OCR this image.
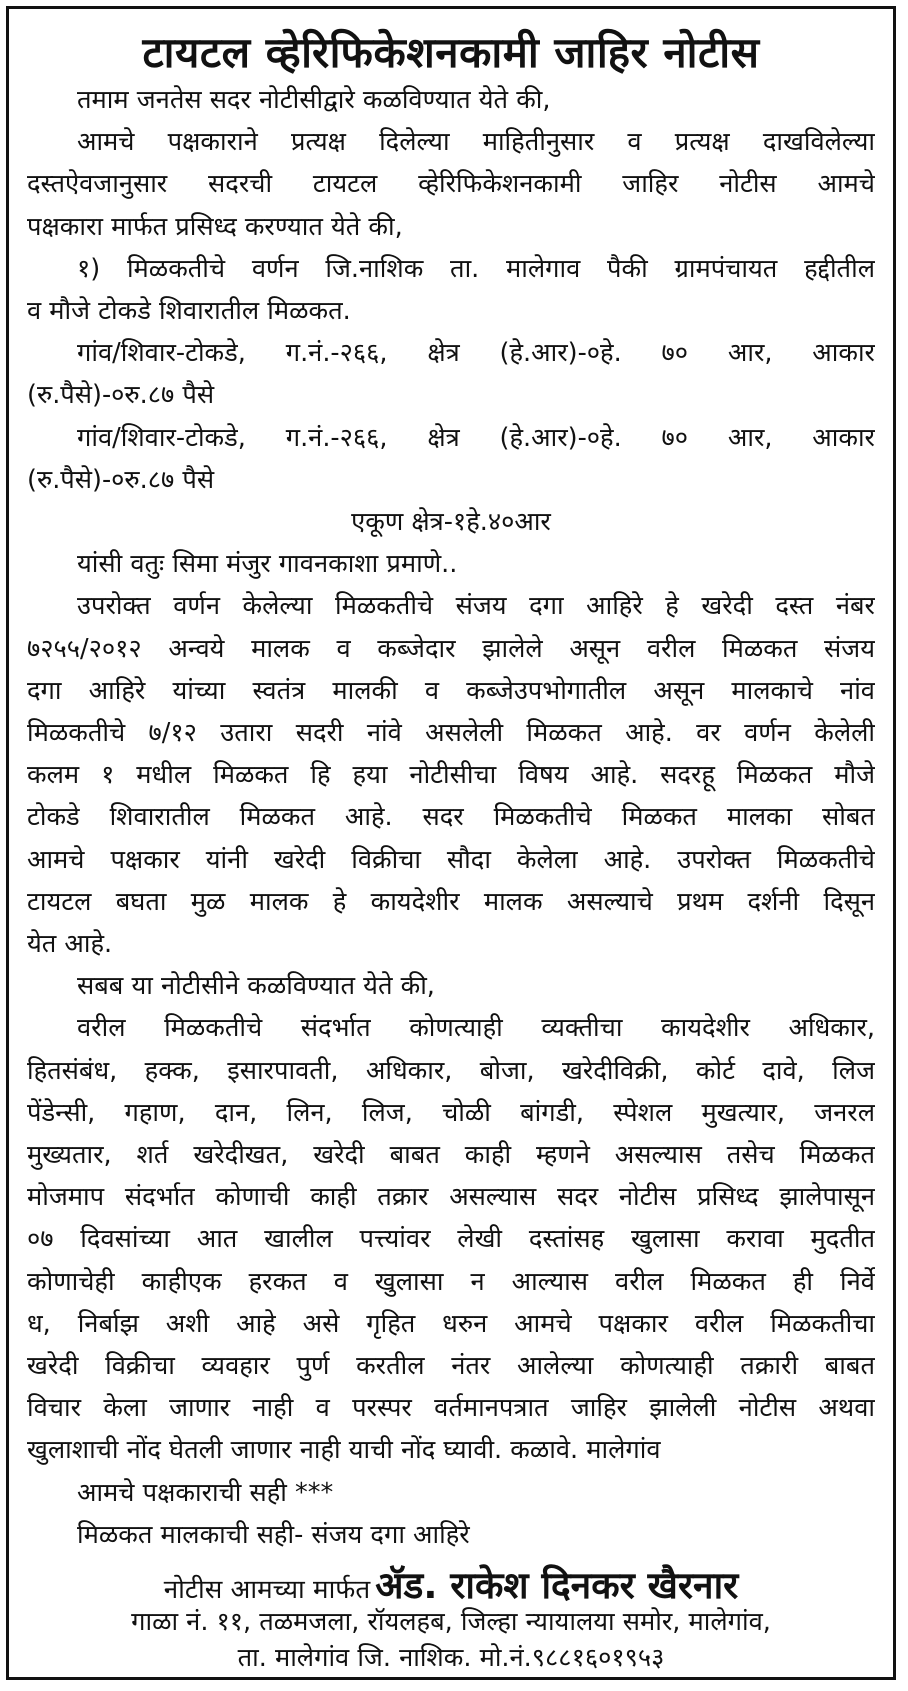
टायटल व्हेरिफिकेशनकामी जाहिर नोटीस
तमाम जनतेस सदर नोटीसीद्वारे कळविण्यात येते की,
आमचे पक्षकाराने प्रत्यक्ष दिलेल्या माहितीनुसार व प्रत्यक्ष दाखविलेल्या
दस्तऐवजानुसार सदरची टायटल व्हेरिफिकेशनकामी जाहिर नोटीस आमचे
पक्षकारा मार्फत प्रसिध्द करण्यात येते की,
१) मिळकतीचे वर्णन जि.नाशिक ता. मालेगाव पैकी ग्रामपंचायत हद्दीतील
व मौजे टोकडे शिवारातील मिळकत.
गांव/शिवार-टोकडे, ग.नं.-२६६, क्षेत्र (हे.आर)-०हे. ७० आर, आकार
(रु.पैसे)-०रु.८७ पैसे
गांव/शिवार-टोकडे, ग.नं.-२६६, क्षेत्र (हे.आर)-०हे. ७० आर, आकार
(रु.पैसे)-०रु.८७ पैसे
एकूण क्षेत्र-१हे.४०आर
यांसी वतुः सिमा मंजुर गावनकाशा प्रमाणे..
उपरोक्त वर्णन केलेल्या मिळकतीचे संजय दगा आहिरे हे खरेदी दस्त नंबर
७२५५/२०१२ अन्वये मालक व कब्जेदार झालेले असून वरील मिळकत संजय
दगा आहिरे यांच्या स्वतंत्र मालकी व कब्जेउपभोगातील असून मालकाचे नांव
मिळकतीचे ७/१२ उतारा सदरी नांवे असलेली मिळकत आहे. वर वर्णन केलेली
कलम १ मधील मिळकत हि हया नोटीसीचा विषय आहे. सदरहू मिळकत मौजे
टोकडे शिवारातील मिळकत आहे. सदर मिळकतीचे मिळकत मालका सोबत
आमचे पक्षकार यांनी खरेदी विक्रीचा सौदा केलेला आहे. उपरोक्त मिळकतीचे
टायटल बघता मुळ मालक हे कायदेशीर मालक असल्याचे प्रथम दर्शनी दिसून
येत आहे.
सबब या नोटीसीने कळविण्यात येते की,
वरील मिळकतीचे संदर्भात कोणत्याही व्यक्तीचा कायदेशीर अधिकार,
हितसंबंध, हक्क, इसारपावती, अधिकार, बोजा, खरेदीविक्री, कोर्ट दावे, लिज
पेंडेन्सी, गहाण, दान, लिन, लिज, चोळी बांगडी, स्पेशल मुखत्यार, जनरल
मुख्यतार, शर्त खरेदीखत, खरेदी बाबत काही म्हणने असल्यास तसेच मिळकत
मोजमाप संदर्भात कोणाची काही तक्रार असल्यास सदर नोटीस प्रसिध्द झालेपासून
०७ दिवसांच्या आत खालील पत्त्यांवर लेखी दस्तांसह खुलासा करावा मुदतीत
कोणाचेही काहीएक हरकत व खुलासा न आल्यास वरील मिळकत ही निर्वे
ध, निर्बाझ अशी आहे असे गृहित धरुन आमचे पक्षकार वरील मिळकतीचा
खरेदी विक्रीचा व्यवहार पुर्ण करतील नंतर आलेल्या कोणत्याही तक्रारी बाबत
विचार केला जाणार नाही व परस्पर वर्तमानपत्रात जाहिर झालेली नोटीस अथवा
खुलाशाची नोंद घेतली जाणार नाही याची नोंद घ्यावी. कळावे. मालेगांव
आमचे पक्षकाराची सही ***
मिळकत मालकाची सही- संजय दगा आहिरे
नोटीस आमच्या मार्फत ॲड. राकेश दिनकर खैरनार
गाळा नं. ११, तळमजला, रॉयलहब, जिल्हा न्यायालया समोर, मालेगांव,
ता. मालेगांव जि. नाशिक. मो.नं.९८८१६०१९५३
